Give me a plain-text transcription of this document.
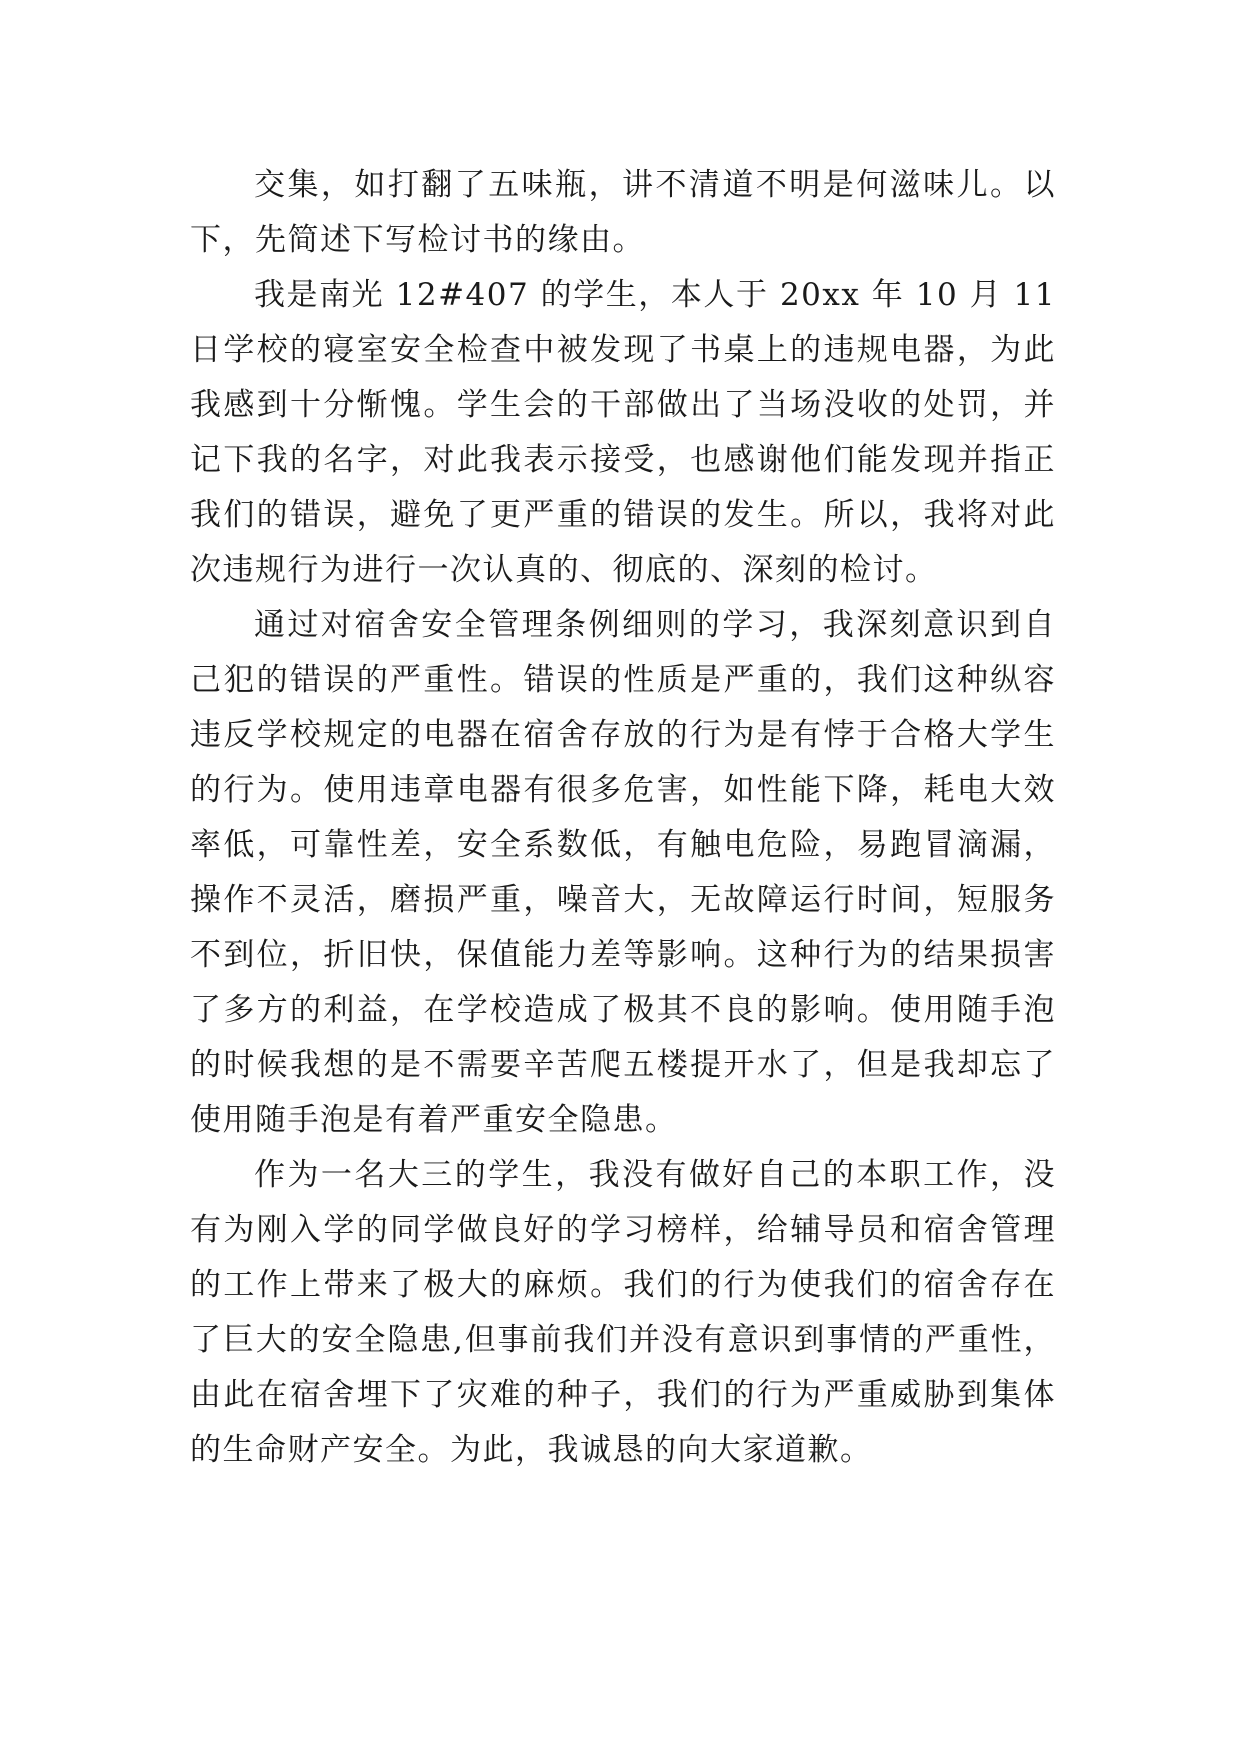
交集，如打翻了五味瓶，讲不清道不明是何滋味儿。以下，先简述下写检讨书的缘由。

我是南光 12#407 的学生，本人于 20xx 年 10 月 11 日学校的寝室安全检查中被发现了书桌上的违规电器，为此我感到十分惭愧。学生会的干部做出了当场没收的处罚，并记下我的名字，对此我表示接受，也感谢他们能发现并指正我们的错误，避免了更严重的错误的发生。所以，我将对此次违规行为进行一次认真的、彻底的、深刻的检讨。

通过对宿舍安全管理条例细则的学习，我深刻意识到自己犯的错误的严重性。错误的性质是严重的，我们这种纵容违反学校规定的电器在宿舍存放的行为是有悖于合格大学生的行为。使用违章电器有很多危害，如性能下降，耗电大效率低，可靠性差，安全系数低，有触电危险，易跑冒滴漏，操作不灵活，磨损严重，噪音大，无故障运行时间，短服务不到位，折旧快，保值能力差等影响。这种行为的结果损害了多方的利益，在学校造成了极其不良的影响。使用随手泡的时候我想的是不需要辛苦爬五楼提开水了，但是我却忘了使用随手泡是有着严重安全隐患。

作为一名大三的学生，我没有做好自己的本职工作，没有为刚入学的同学做良好的学习榜样，给辅导员和宿舍管理的工作上带来了极大的麻烦。我们的行为使我们的宿舍存在了巨大的安全隐患,但事前我们并没有意识到事情的严重性，由此在宿舍埋下了灾难的种子，我们的行为严重威胁到集体的生命财产安全。为此，我诚恳的向大家道歉。
